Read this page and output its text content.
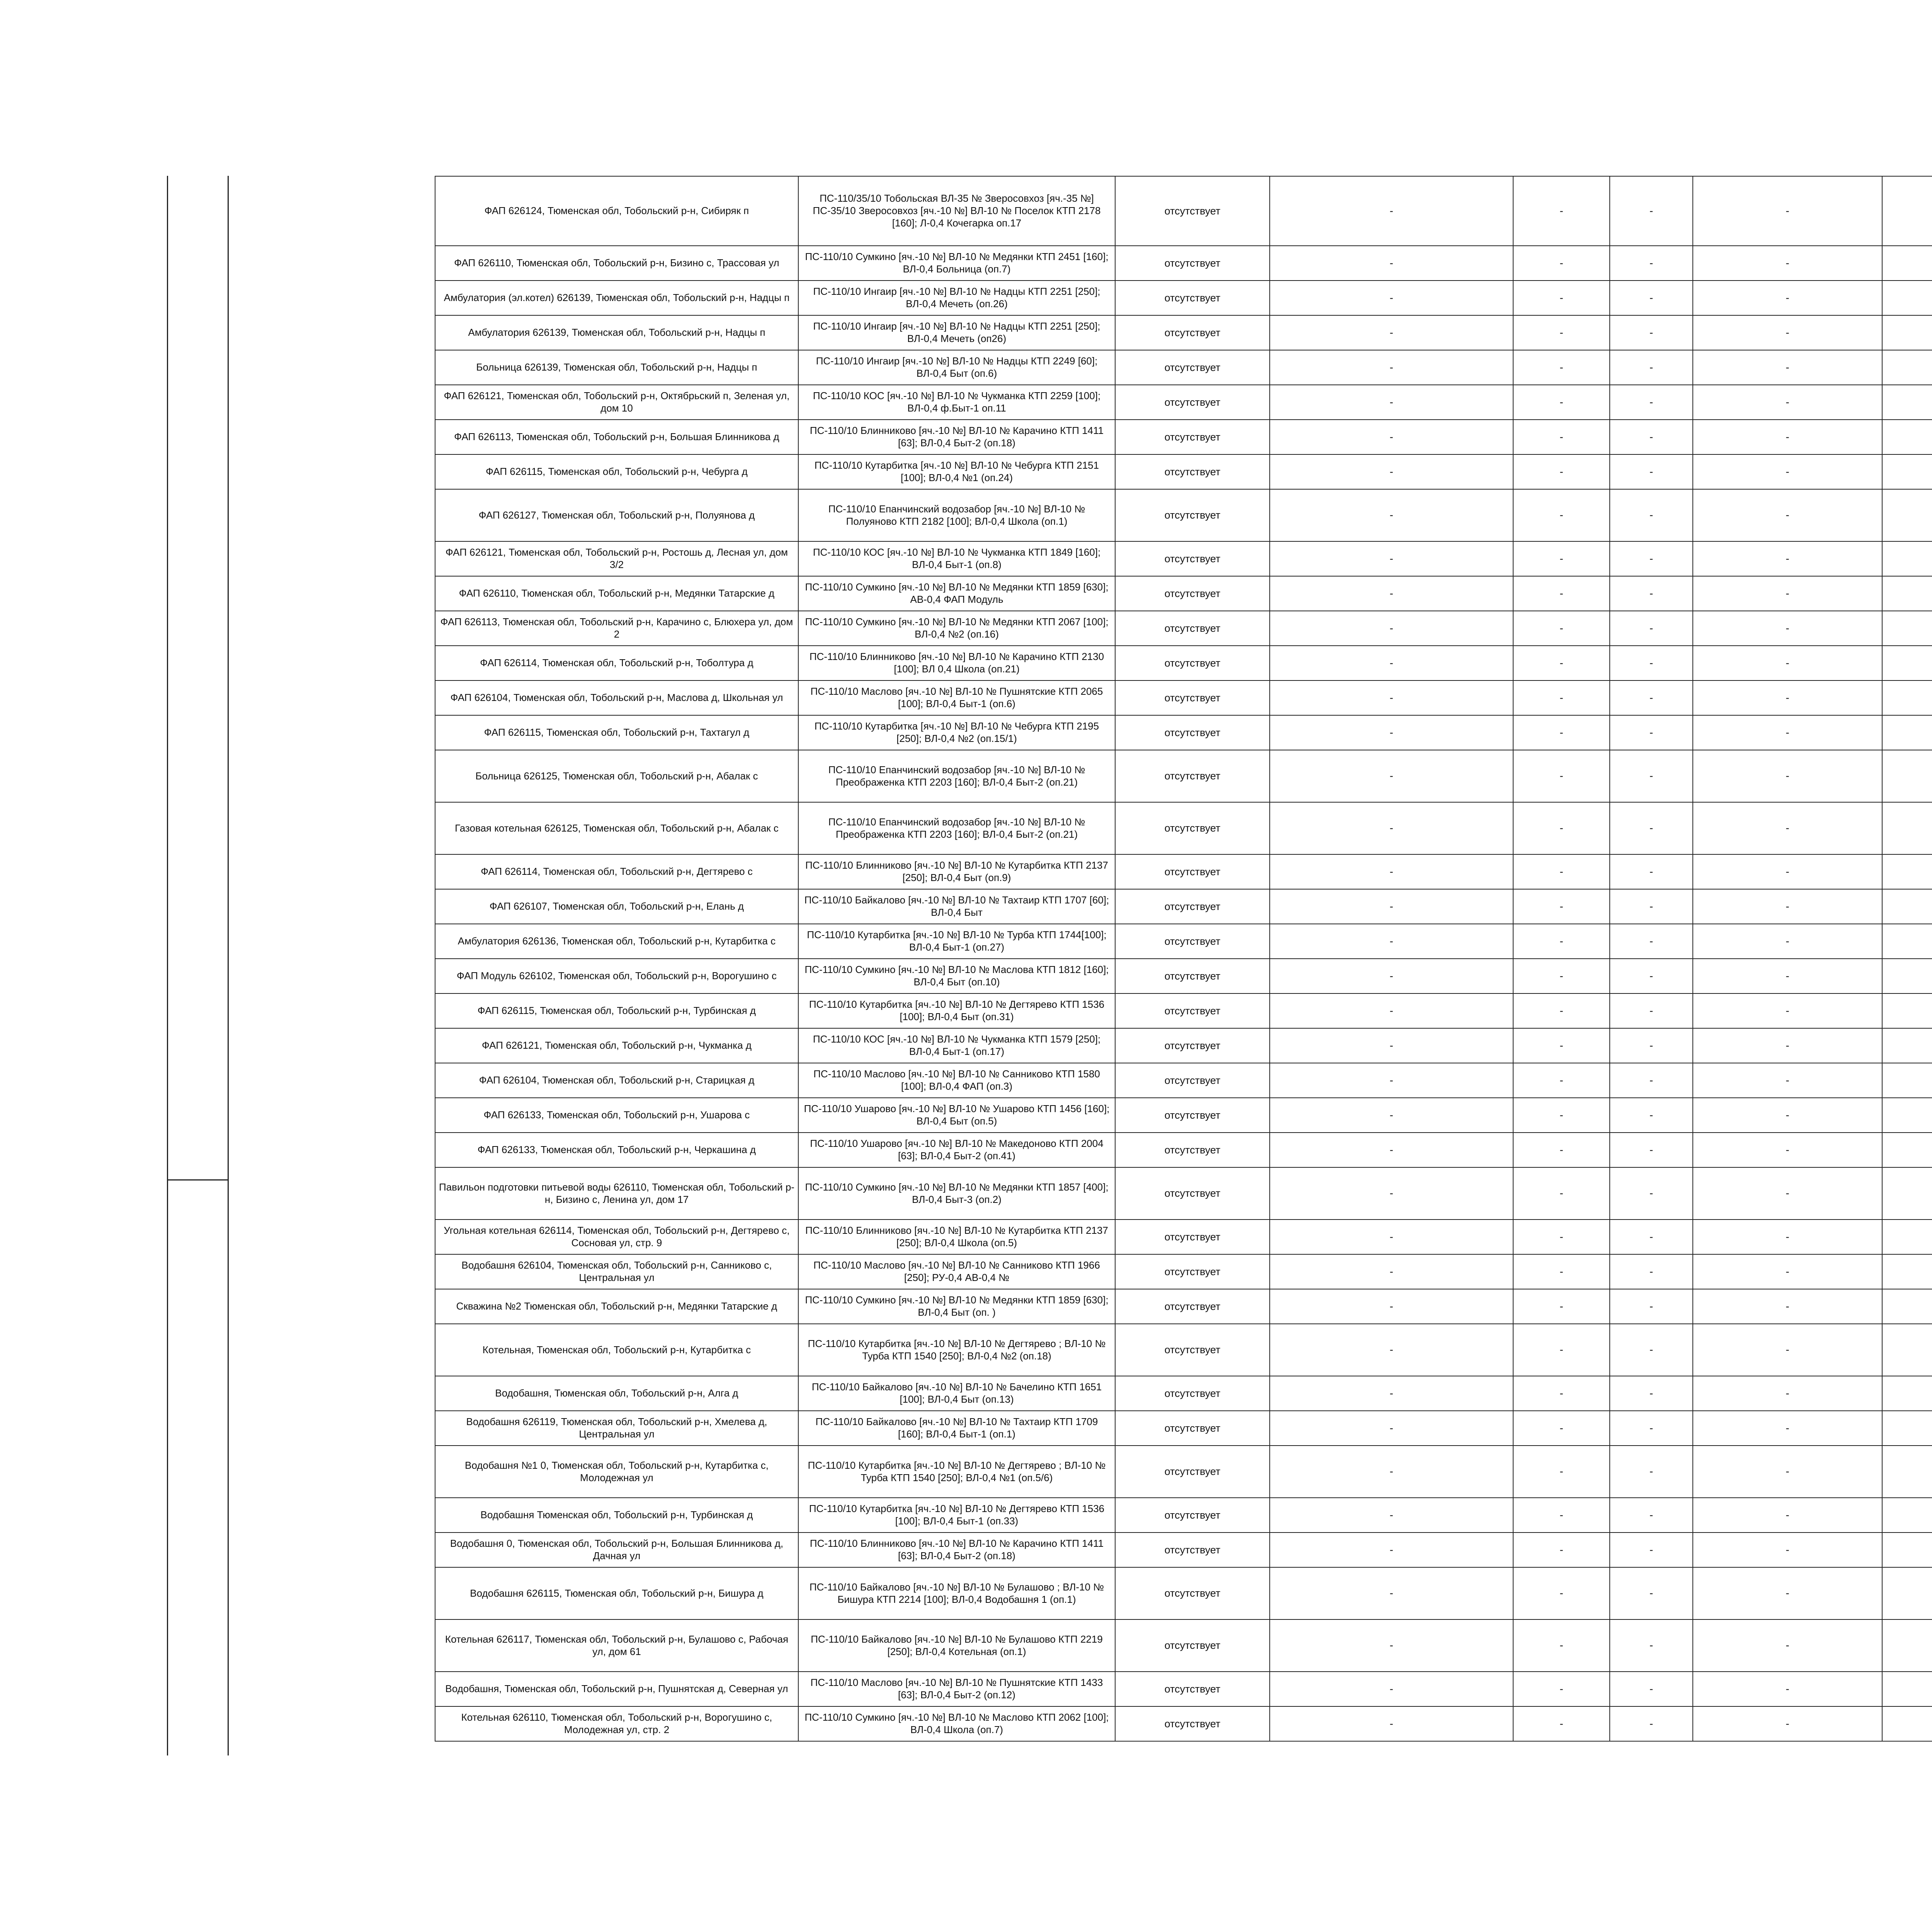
ФАП 626124, Тюменская обл, Тобольский р-н, Сибиряк п	ПС-110/35/10 Тобольская ВЛ-35 № Зверосовхоз [яч.-35 №] ПС-35/10 Зверосовхоз [яч.-10 №] ВЛ-10 № Поселок КТП 2178 [160]; Л-0,4 Кочегарка оп.17	отсутствует	-	-	-	-		
ФАП 626110, Тюменская обл, Тобольский р-н, Бизино с, Трассовая ул	ПС-110/10 Сумкино [яч.-10 №] ВЛ-10 № Медянки КТП 2451 [160]; ВЛ-0,4 Больница (оп.7)	отсутствует	-	-	-	-		
Амбулатория (эл.котел) 626139, Тюменская обл, Тобольский р-н, Надцы п	ПС-110/10 Ингаир [яч.-10 №] ВЛ-10 № Надцы КТП 2251 [250]; ВЛ-0,4 Мечеть (оп.26)	отсутствует	-	-	-	-		
Амбулатория 626139, Тюменская обл, Тобольский р-н, Надцы п	ПС-110/10 Ингаир [яч.-10 №] ВЛ-10 № Надцы КТП 2251 [250]; ВЛ-0,4 Мечеть (оп26)	отсутствует	-	-	-	-		
Больница 626139, Тюменская обл, Тобольский р-н, Надцы п	ПС-110/10 Ингаир [яч.-10 №] ВЛ-10 № Надцы КТП 2249 [60]; ВЛ-0,4 Быт (оп.6)	отсутствует	-	-	-	-		
ФАП 626121, Тюменская обл, Тобольский р-н, Октябрьский п, Зеленая ул, дом 10	ПС-110/10 КОС [яч.-10 №] ВЛ-10 № Чукманка КТП 2259 [100]; ВЛ-0,4 ф.Быт-1 оп.11	отсутствует	-	-	-	-		
ФАП 626113, Тюменская обл, Тобольский р-н, Большая Блинникова д	ПС-110/10 Блинниково [яч.-10 №] ВЛ-10 № Карачино КТП 1411 [63]; ВЛ-0,4 Быт-2 (оп.18)	отсутствует	-	-	-	-		
ФАП 626115, Тюменская обл, Тобольский р-н, Чебурга д	ПС-110/10 Кутарбитка [яч.-10 №] ВЛ-10 № Чебурга КТП 2151 [100]; ВЛ-0,4 №1 (оп.24)	отсутствует	-	-	-	-		
ФАП 626127, Тюменская обл, Тобольский р-н, Полуянова д	ПС-110/10 Епанчинский водозабор [яч.-10 №] ВЛ-10 № Полуяново КТП 2182 [100]; ВЛ-0,4 Школа (оп.1)	отсутствует	-	-	-	-		
ФАП 626121, Тюменская обл, Тобольский р-н, Ростошь д, Лесная ул, дом 3/2	ПС-110/10 КОС [яч.-10 №] ВЛ-10 № Чукманка КТП 1849 [160]; ВЛ-0,4 Быт-1 (оп.8)	отсутствует	-	-	-	-		
ФАП 626110, Тюменская обл, Тобольский р-н, Медянки Татарские д	ПС-110/10 Сумкино [яч.-10 №] ВЛ-10 № Медянки КТП 1859 [630]; АВ-0,4 ФАП Модуль	отсутствует	-	-	-	-		
ФАП 626113, Тюменская обл, Тобольский р-н, Карачино с, Блюхера ул, дом 2	ПС-110/10 Сумкино [яч.-10 №] ВЛ-10 № Медянки КТП 2067 [100]; ВЛ-0,4 №2 (оп.16)	отсутствует	-	-	-	-		
ФАП 626114, Тюменская обл, Тобольский р-н, Тоболтура д	ПС-110/10 Блинниково [яч.-10 №] ВЛ-10 № Карачино КТП 2130 [100]; ВЛ 0,4 Школа (оп.21)	отсутствует	-	-	-	-		
ФАП 626104, Тюменская обл, Тобольский р-н, Маслова д, Школьная ул	ПС-110/10 Маслово [яч.-10 №] ВЛ-10 № Пушнятские КТП 2065 [100]; ВЛ-0,4 Быт-1 (оп.6)	отсутствует	-	-	-	-		
ФАП 626115, Тюменская обл, Тобольский р-н, Тахтагул д	ПС-110/10 Кутарбитка [яч.-10 №] ВЛ-10 № Чебурга КТП 2195 [250]; ВЛ-0,4 №2 (оп.15/1)	отсутствует	-	-	-	-		
Больница 626125, Тюменская обл, Тобольский р-н, Абалак с	ПС-110/10 Епанчинский водозабор [яч.-10 №] ВЛ-10 № Преображенка КТП 2203 [160]; ВЛ-0,4 Быт-2 (оп.21)	отсутствует	-	-	-	-		
Газовая котельная 626125, Тюменская обл, Тобольский р-н, Абалак с	ПС-110/10 Епанчинский водозабор [яч.-10 №] ВЛ-10 № Преображенка КТП 2203 [160]; ВЛ-0,4 Быт-2 (оп.21)	отсутствует	-	-	-	-		
ФАП 626114, Тюменская обл, Тобольский р-н, Дегтярево с	ПС-110/10 Блинниково [яч.-10 №] ВЛ-10 № Кутарбитка КТП 2137 [250]; ВЛ-0,4 Быт (оп.9)	отсутствует	-	-	-	-		
ФАП 626107, Тюменская обл, Тобольский р-н, Елань д	ПС-110/10 Байкалово [яч.-10 №] ВЛ-10 № Тахтаир КТП 1707 [60]; ВЛ-0,4 Быт	отсутствует	-	-	-	-		
Амбулатория 626136, Тюменская обл, Тобольский р-н, Кутарбитка с	ПС-110/10 Кутарбитка [яч.-10 №] ВЛ-10 № Турба КТП 1744[100]; ВЛ-0,4 Быт-1 (оп.27)	отсутствует	-	-	-	-		
ФАП Модуль 626102, Тюменская обл, Тобольский р-н, Ворогушино с	ПС-110/10 Сумкино [яч.-10 №] ВЛ-10 № Маслова КТП 1812 [160]; ВЛ-0,4 Быт (оп.10)	отсутствует	-	-	-	-		
ФАП 626115, Тюменская обл, Тобольский р-н, Турбинская д	ПС-110/10 Кутарбитка [яч.-10 №] ВЛ-10 № Дегтярево КТП 1536 [100]; ВЛ-0,4 Быт (оп.31)	отсутствует	-	-	-	-		
ФАП 626121, Тюменская обл, Тобольский р-н, Чукманка д	ПС-110/10 КОС [яч.-10 №] ВЛ-10 № Чукманка КТП 1579 [250]; ВЛ-0,4 Быт-1 (оп.17)	отсутствует	-	-	-	-		
ФАП 626104, Тюменская обл, Тобольский р-н, Старицкая д	ПС-110/10 Маслово [яч.-10 №] ВЛ-10 № Санниково КТП 1580 [100]; ВЛ-0,4 ФАП (оп.3)	отсутствует	-	-	-	-		
ФАП 626133, Тюменская обл, Тобольский р-н, Ушарова с	ПС-110/10 Ушарово [яч.-10 №] ВЛ-10 № Ушарово КТП 1456 [160]; ВЛ-0,4 Быт (оп.5)	отсутствует	-	-	-	-		
ФАП 626133, Тюменская обл, Тобольский р-н, Черкашина д	ПС-110/10 Ушарово [яч.-10 №] ВЛ-10 № Македоново КТП 2004 [63]; ВЛ-0,4 Быт-2 (оп.41)	отсутствует	-	-	-	-		
Павильон подготовки питьевой воды 626110, Тюменская обл, Тобольский р-н, Бизино с, Ленина ул, дом 17	ПС-110/10 Сумкино [яч.-10 №] ВЛ-10 № Медянки КТП 1857 [400]; ВЛ-0,4 Быт-3 (оп.2)	отсутствует	-	-	-	-		
Угольная котельная 626114, Тюменская обл, Тобольский р-н, Дегтярево с, Сосновая ул, стр. 9	ПС-110/10 Блинниково [яч.-10 №] ВЛ-10 № Кутарбитка КТП 2137 [250]; ВЛ-0,4 Школа (оп.5)	отсутствует	-	-	-	-		
Водобашня 626104, Тюменская обл, Тобольский р-н, Санниково с, Центральная ул	ПС-110/10 Маслово [яч.-10 №] ВЛ-10 № Санниково КТП 1966 [250]; РУ-0,4 АВ-0,4 №	отсутствует	-	-	-	-		
Скважина №2 Тюменская обл, Тобольский р-н, Медянки Татарские д	ПС-110/10 Сумкино [яч.-10 №] ВЛ-10 № Медянки КТП 1859 [630]; ВЛ-0,4 Быт (оп. )	отсутствует	-	-	-	-		
Котельная, Тюменская обл, Тобольский р-н, Кутарбитка с	ПС-110/10 Кутарбитка [яч.-10 №] ВЛ-10 № Дегтярево ; ВЛ-10 № Турба КТП 1540 [250]; ВЛ-0,4 №2 (оп.18)	отсутствует	-	-	-	-		
Водобашня, Тюменская обл, Тобольский р-н, Алга д	ПС-110/10 Байкалово [яч.-10 №] ВЛ-10 № Бачелино КТП 1651 [100]; ВЛ-0,4 Быт (оп.13)	отсутствует	-	-	-	-		
Водобашня 626119, Тюменская обл, Тобольский р-н, Хмелева д, Центральная ул	ПС-110/10 Байкалово [яч.-10 №] ВЛ-10 № Тахтаир КТП 1709 [160]; ВЛ-0,4 Быт-1 (оп.1)	отсутствует	-	-	-	-		
Водобашня №1 0, Тюменская обл, Тобольский р-н, Кутарбитка с, Молодежная ул	ПС-110/10 Кутарбитка [яч.-10 №] ВЛ-10 № Дегтярево ; ВЛ-10 № Турба КТП 1540 [250]; ВЛ-0,4 №1 (оп.5/6)	отсутствует	-	-	-	-		
Водобашня Тюменская обл, Тобольский р-н, Турбинская д	ПС-110/10 Кутарбитка [яч.-10 №] ВЛ-10 № Дегтярево КТП 1536 [100]; ВЛ-0,4 Быт-1 (оп.33)	отсутствует	-	-	-	-		
Водобашня 0, Тюменская обл, Тобольский р-н, Большая Блинникова д, Дачная ул	ПС-110/10 Блинниково [яч.-10 №] ВЛ-10 № Карачино КТП 1411 [63]; ВЛ-0,4 Быт-2 (оп.18)	отсутствует	-	-	-	-		
Водобашня 626115, Тюменская обл, Тобольский р-н, Бишура д	ПС-110/10 Байкалово [яч.-10 №] ВЛ-10 № Булашово ; ВЛ-10 № Бишура КТП 2214 [100]; ВЛ-0,4 Водобашня 1 (оп.1)	отсутствует	-	-	-	-		
Котельная 626117, Тюменская обл, Тобольский р-н, Булашово с, Рабочая ул, дом 61	ПС-110/10 Байкалово [яч.-10 №] ВЛ-10 № Булашово КТП 2219 [250]; ВЛ-0,4 Котельная (оп.1)	отсутствует	-	-	-	-		
Водобашня, Тюменская обл, Тобольский р-н, Пушнятская д, Северная ул	ПС-110/10 Маслово [яч.-10 №] ВЛ-10 № Пушнятские КТП 1433 [63]; ВЛ-0,4 Быт-2 (оп.12)	отсутствует	-	-	-	-		
Котельная 626110, Тюменская обл, Тобольский р-н, Ворогушино с, Молодежная ул, стр. 2	ПС-110/10 Сумкино [яч.-10 №] ВЛ-10 № Маслово КТП 2062 [100]; ВЛ-0,4 Школа (оп.7)	отсутствует	-	-	-	-		
